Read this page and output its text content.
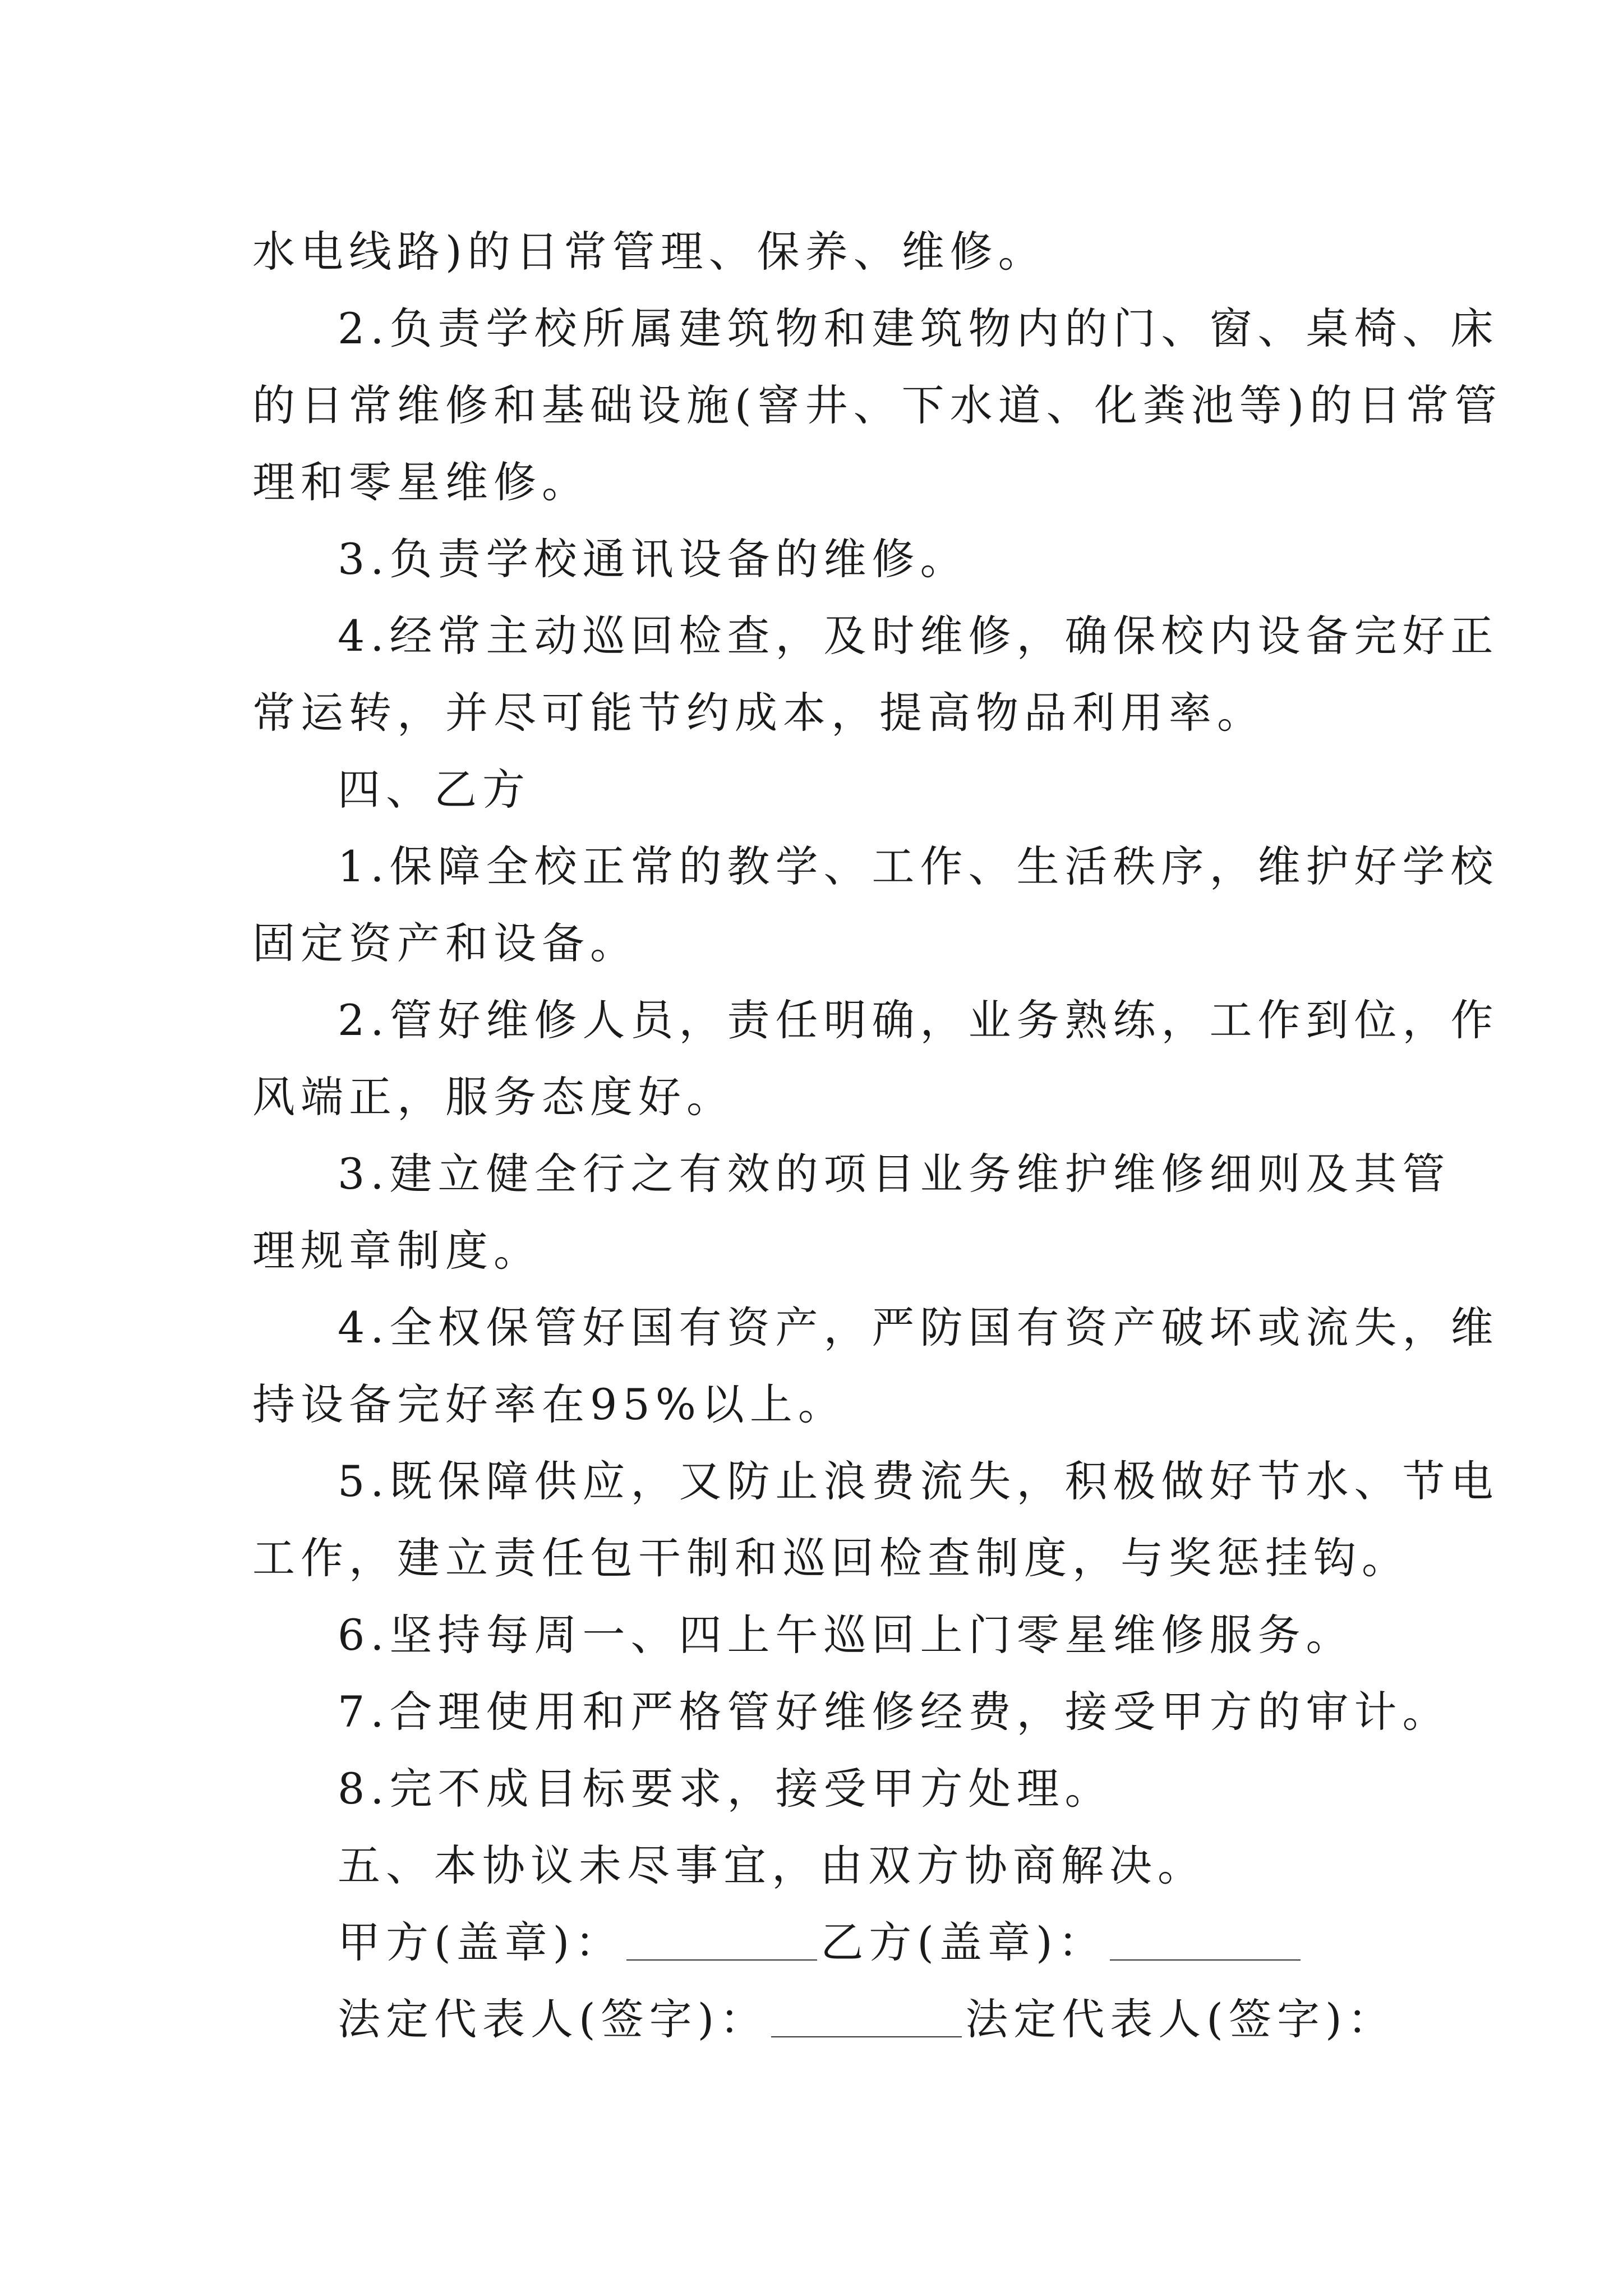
水电线路)的日常管理、保养、维修。
2.负责学校所属建筑物和建筑物内的门、窗、桌椅、床
的日常维修和基础设施(窨井、下水道、化粪池等)的日常管
理和零星维修。
3.负责学校通讯设备的维修。
4.经常主动巡回检查，及时维修，确保校内设备完好正
常运转，并尽可能节约成本，提高物品利用率。
四、乙方
1.保障全校正常的教学、工作、生活秩序，维护好学校
固定资产和设备。
2.管好维修人员，责任明确，业务熟练，工作到位，作
风端正，服务态度好。
3.建立健全行之有效的项目业务维护维修细则及其管
理规章制度。
4.全权保管好国有资产，严防国有资产破坏或流失，维
持设备完好率在95%以上。
5.既保障供应，又防止浪费流失，积极做好节水、节电
工作，建立责任包干制和巡回检查制度，与奖惩挂钩。
6.坚持每周一、四上午巡回上门零星维修服务。
7.合理使用和严格管好维修经费，接受甲方的审计。
8.完不成目标要求，接受甲方处理。
五、本协议未尽事宜，由双方协商解决。
甲方(盖章)：	乙方(盖章)：
法定代表人(签字)：	法定代表人(签字)：
